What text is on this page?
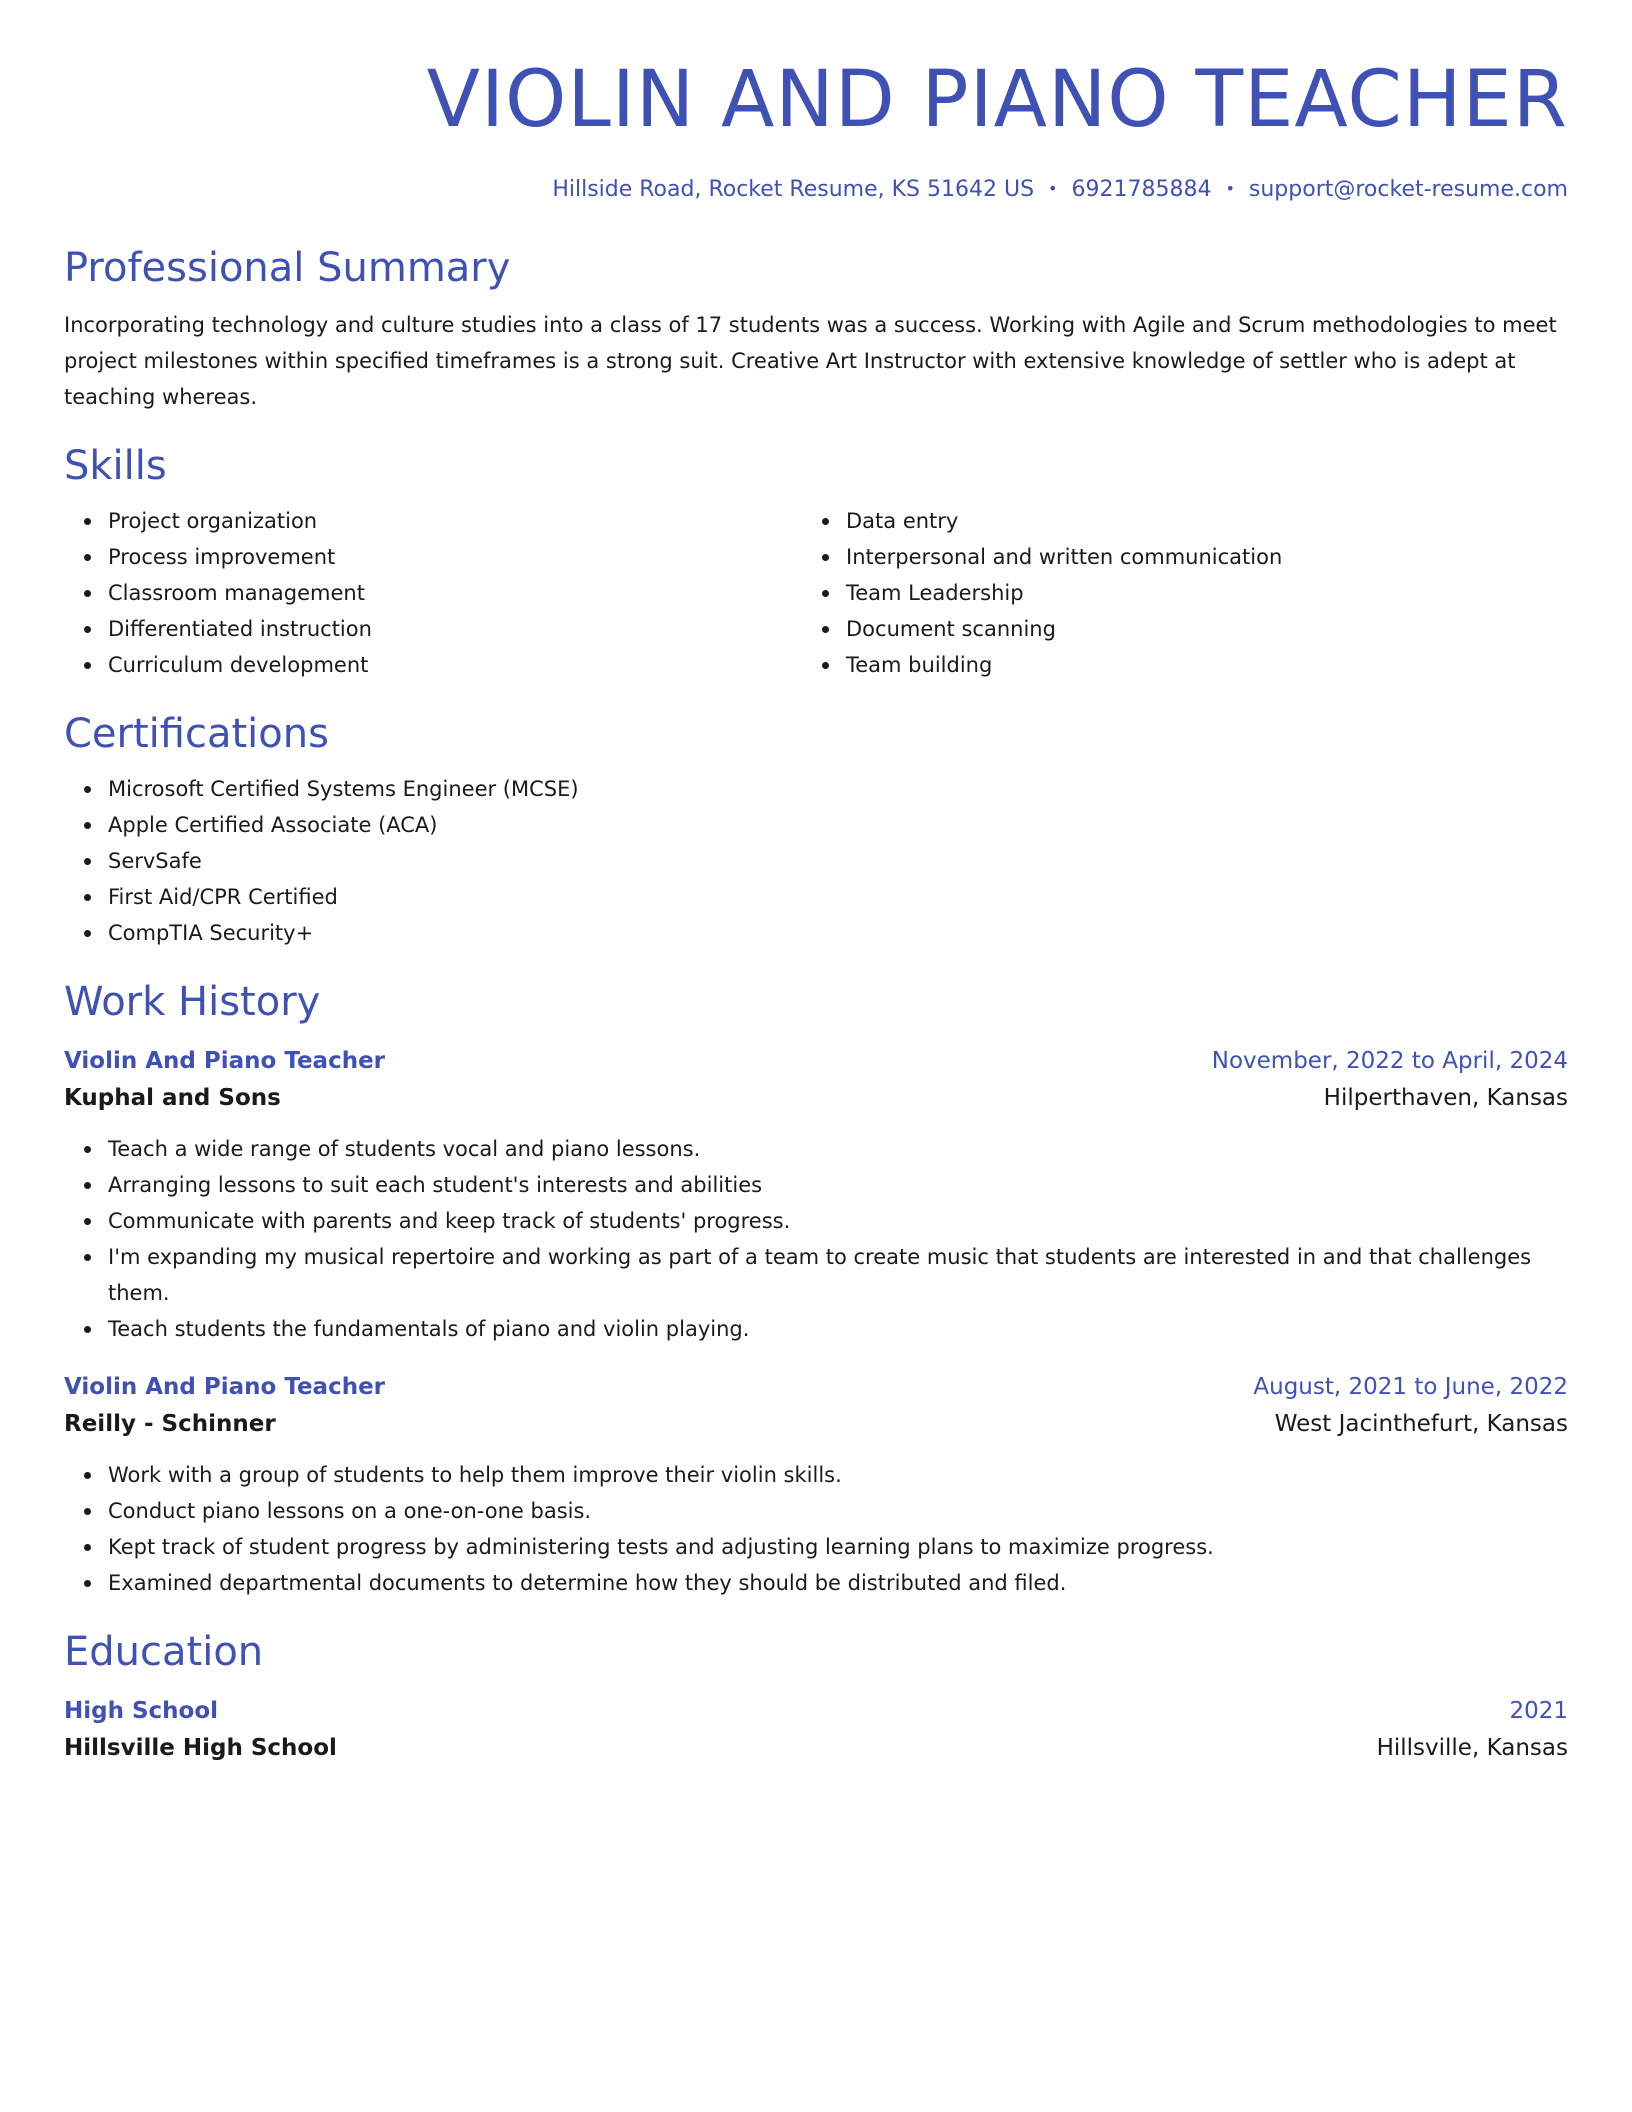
VIOLIN AND PIANO TEACHER
Hillside Road, Rocket Resume, KS 51642 US • 6921785884 • support@rocket-resume.com
Professional Summary

Incorporating technology and culture studies into a class of 17 students was a success. Working with Agile and Scrum methodologies to meet project milestones within specified timeframes is a strong suit. Creative Art Instructor with extensive knowledge of settler who is adept at teaching whereas.

Skills
Project organization
Process improvement
Classroom management
Differentiated instruction
Curriculum development
Data entry
Interpersonal and written communication
Team Leadership
Document scanning
Team building
Certifications
Microsoft Certified Systems Engineer (MCSE)
Apple Certified Associate (ACA)
ServSafe
First Aid/CPR Certified
CompTIA Security+
Work History
Violin And Piano Teacher	November, 2022 to April, 2024
Kuphal and Sons	Hilperthaven, Kansas
Teach a wide range of students vocal and piano lessons.
Arranging lessons to suit each student's interests and abilities
Communicate with parents and keep track of students' progress.
I'm expanding my musical repertoire and working as part of a team to create music that students are interested in and that challenges them.
Teach students the fundamentals of piano and violin playing.
Violin And Piano Teacher	August, 2021 to June, 2022
Reilly - Schinner	West Jacinthefurt, Kansas
Work with a group of students to help them improve their violin skills.
Conduct piano lessons on a one-on-one basis.
Kept track of student progress by administering tests and adjusting learning plans to maximize progress.
Examined departmental documents to determine how they should be distributed and filed.
Education
High School	2021
Hillsville High School	Hillsville, Kansas
